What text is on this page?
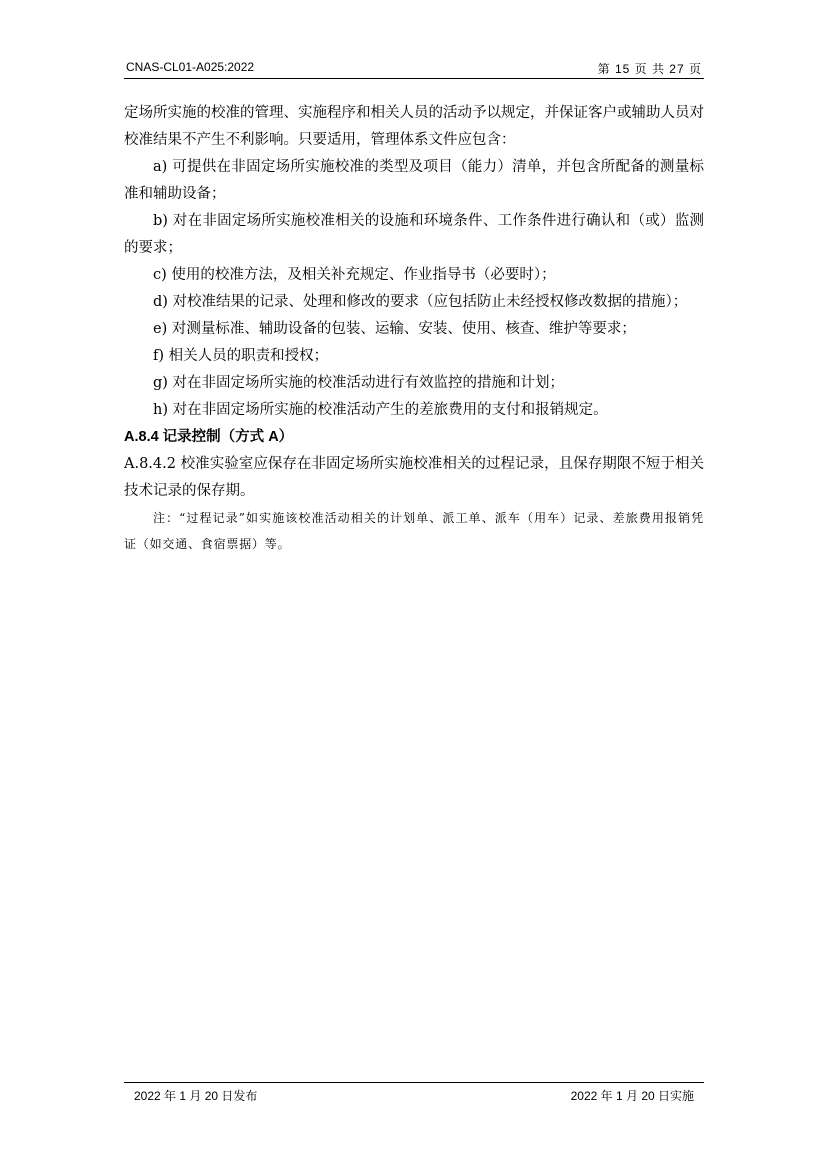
CNAS-CL01-A025:2022	第 15 页 共 27 页

定场所实施的校准的管理、实施程序和相关人员的活动予以规定，并保证客户或辅助人员对校准结果不产生不利影响。只要适用，管理体系文件应包含：

a) 可提供在非固定场所实施校准的类型及项目（能力）清单，并包含所配备的测量标准和辅助设备；

b) 对在非固定场所实施校准相关的设施和环境条件、工作条件进行确认和（或）监测的要求；

c) 使用的校准方法，及相关补充规定、作业指导书（必要时）；

d) 对校准结果的记录、处理和修改的要求（应包括防止未经授权修改数据的措施）；

e) 对测量标准、辅助设备的包装、运输、安装、使用、核查、维护等要求；

f) 相关人员的职责和授权；

g) 对在非固定场所实施的校准活动进行有效监控的措施和计划；

h) 对在非固定场所实施的校准活动产生的差旅费用的支付和报销规定。

A.8.4 记录控制（方式 A）

A.8.4.2 校准实验室应保存在非固定场所实施校准相关的过程记录，且保存期限不短于相关技术记录的保存期。

注：“过程记录”如实施该校准活动相关的计划单、派工单、派车（用车）记录、差旅费用报销凭证（如交通、食宿票据）等。

2022 年 1 月 20 日发布	2022 年 1 月 20 日实施
